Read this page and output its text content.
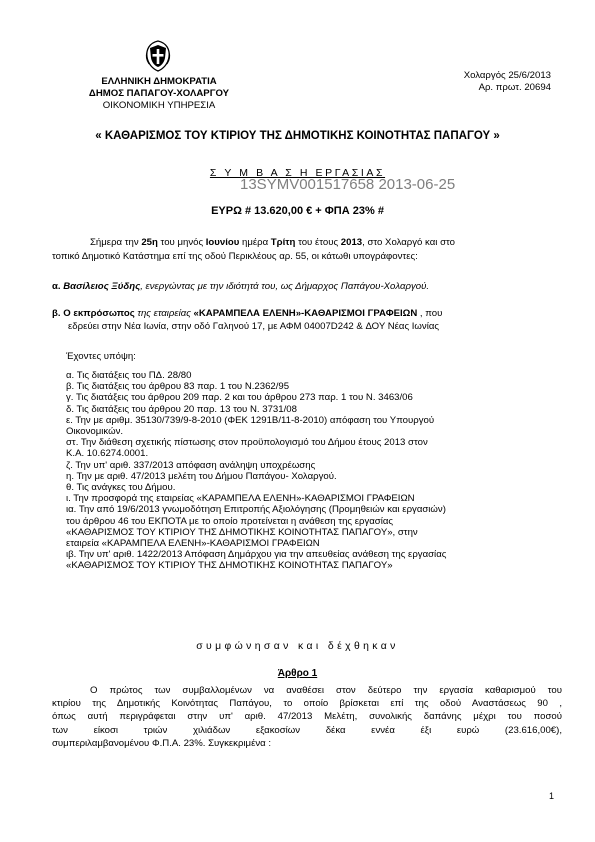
ΕΛΛΗΝΙΚΗ ΔΗΜΟΚΡΑΤΙΑ
ΔΗΜΟΣ ΠΑΠΑΓΟΥ-ΧΟΛΑΡΓΟΥ
ΟΙΚΟΝΟΜΙΚΗ ΥΠΗΡΕΣΙΑ
Χολαργός 25/6/2013
Αρ. πρωτ. 20694
« ΚΑΘΑΡΙΣΜΟΣ ΤΟΥ ΚΤΙΡΙΟΥ ΤΗΣ ΔΗΜΟΤΙΚΗΣ ΚΟΙΝΟΤΗΤΑΣ ΠΑΠΑΓΟΥ »
Σ Υ Μ Β Α Σ Η ΕΡΓΑΣΙΑΣ
13SYMV001517658 2013-06-25
ΕΥΡΩ # 13.620,00 € + ΦΠΑ 23% #
Σήμερα την 25η του μηνός Ιουνίου ημέρα Τρίτη του έτους 2013, στο Χολαργό και στο
τοπικό Δημοτικό Κατάστημα επί της οδού Περικλέους αρ. 55, οι κάτωθι υπογράφοντες:
α. Βασίλειος Ξύδης, ενεργώντας με την ιδιότητά του, ως Δήμαρχος Παπάγου-Χολαργού.
β. Ο εκπρόσωπος της εταιρείας «ΚΑΡΑΜΠΕΛΑ ΕΛΕΝΗ»-ΚΑΘΑΡΙΣΜΟΙ ΓΡΑΦΕΙΩΝ , που
εδρεύει στην Νέα Ιωνία, στην οδό Γαληνού 17, με ΑΦΜ 04007D242 & ΔΟΥ Νέας Ιωνίας
Έχοντες υπόψη:
α. Τις διατάξεις του ΠΔ. 28/80
β. Τις διατάξεις του άρθρου 83 παρ. 1 του Ν.2362/95
γ. Τις διατάξεις του άρθρου 209 παρ. 2 και του άρθρου 273 παρ. 1 του Ν. 3463/06
δ. Τις διατάξεις του άρθρου 20 παρ. 13 του Ν. 3731/08
ε. Την με αριθμ. 35130/739/9-8-2010 (ΦΕΚ 1291Β/11-8-2010) απόφαση του Υπουργού
Οικονομικών.
στ. Την διάθεση σχετικής πίστωσης στον προϋπολογισμό του Δήμου έτους 2013 στον
Κ.Α. 10.6274.0001.
ζ. Την υπ' αριθ. 337/2013 απόφαση ανάληψη υποχρέωσης
η. Την με αριθ. 47/2013 μελέτη του Δήμου Παπάγου- Χολαργού.
θ. Τις ανάγκες του Δήμου.
ι. Την προσφορά της εταιρείας «ΚΑΡΑΜΠΕΛΑ ΕΛΕΝΗ»-ΚΑΘΑΡΙΣΜΟΙ ΓΡΑΦΕΙΩΝ
ια. Την από 19/6/2013 γνωμοδότηση Επιτροπής Αξιολόγησης (Προμηθειών και εργασιών)
του άρθρου 46 του ΕΚΠΟΤΑ με το οποίο προτείνεται η ανάθεση της εργασίας
«ΚΑΘΑΡΙΣΜΟΣ ΤΟΥ ΚΤΙΡΙΟΥ ΤΗΣ ΔΗΜΟΤΙΚΗΣ ΚΟΙΝΟΤΗΤΑΣ ΠΑΠΑΓΟΥ», στην
εταιρεία «ΚΑΡΑΜΠΕΛΑ ΕΛΕΝΗ»-ΚΑΘΑΡΙΣΜΟΙ ΓΡΑΦΕΙΩΝ
ιβ. Την υπ' αριθ. 1422/2013 Απόφαση Δημάρχου για την απευθείας ανάθεση της εργασίας
«ΚΑΘΑΡΙΣΜΟΣ ΤΟΥ ΚΤΙΡΙΟΥ ΤΗΣ ΔΗΜΟΤΙΚΗΣ ΚΟΙΝΟΤΗΤΑΣ ΠΑΠΑΓΟΥ»
συμφώνησαν και δέχθηκαν
Άρθρο 1
Ο πρώτος των συμβαλλομένων να αναθέσει στον δεύτερο την εργασία καθαρισμού του
κτιρίου της Δημοτικής Κοινότητας Παπάγου, το οποίο βρίσκεται επί της οδού Αναστάσεως 90 ,
όπως αυτή περιγράφεται στην υπ' αριθ. 47/2013 Μελέτη, συνολικής δαπάνης μέχρι του ποσού
των είκοσι τριών χιλιάδων εξακοσίων δέκα εννέα έξι ευρώ (23.616,00€),
συμπεριλαμβανομένου Φ.Π.Α. 23%. Συγκεκριμένα :
1
